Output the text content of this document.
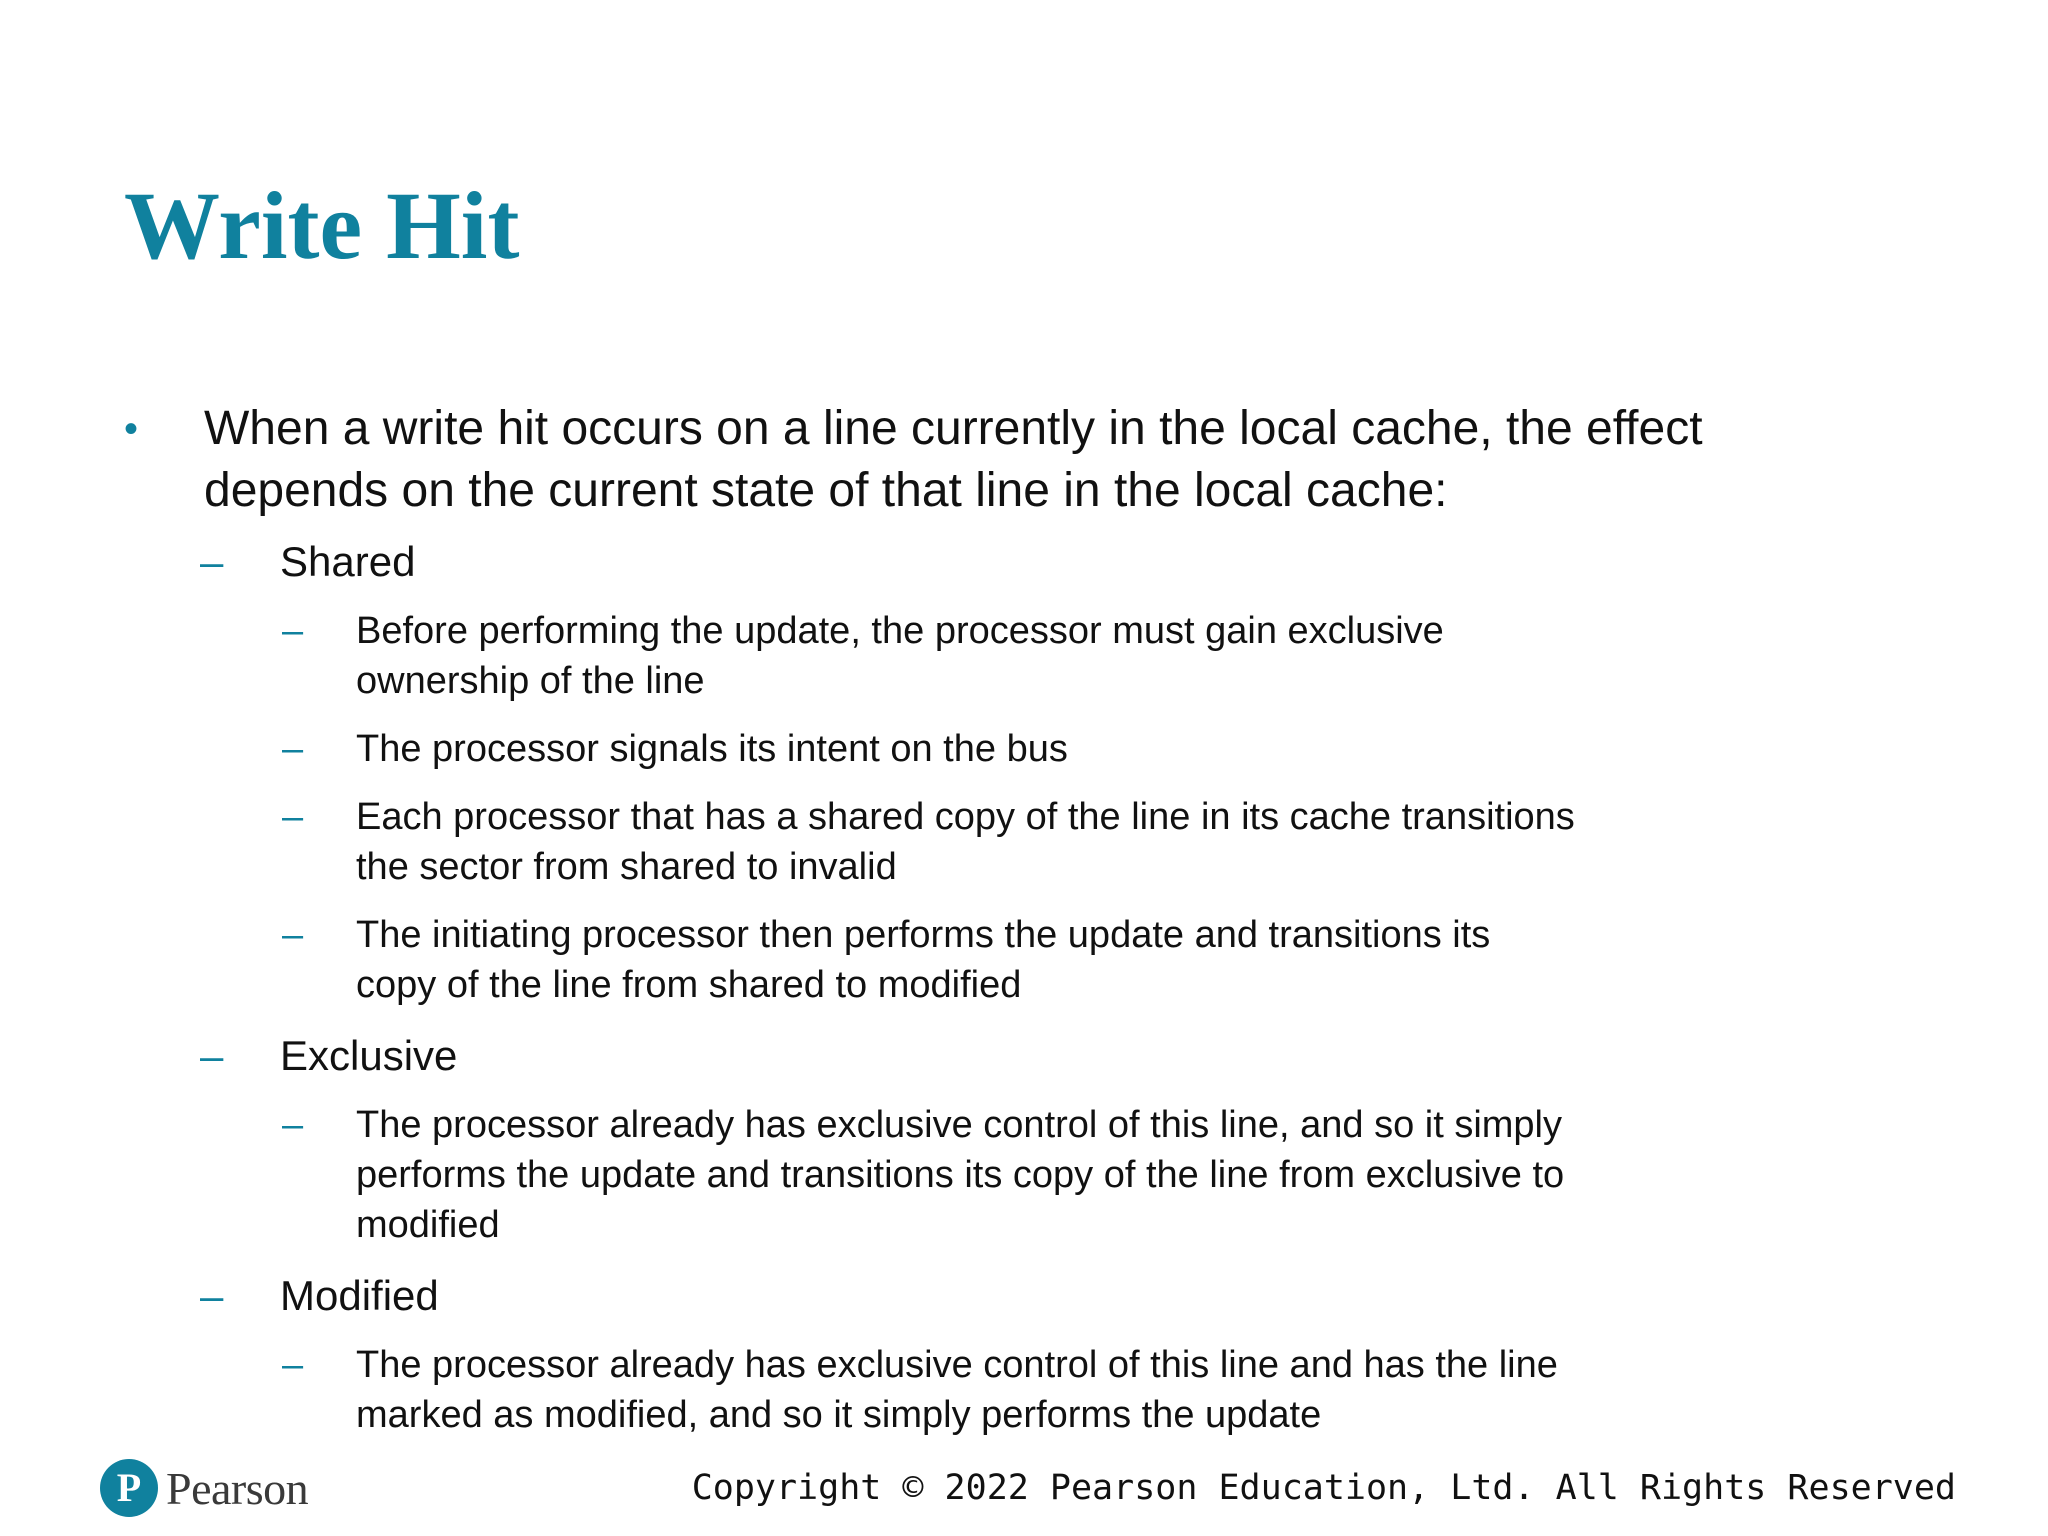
Write Hit
• When a write hit occurs on a line currently in the local cache, the effect depends on the current state of that line in the local cache:
– Shared
– Before performing the update, the processor must gain exclusive
ownership of the line
– The processor signals its intent on the bus
– Each processor that has a shared copy of the line in its cache transitions
the sector from shared to invalid
– The initiating processor then performs the update and transitions its
copy of the line from shared to modified
– Exclusive
– The processor already has exclusive control of this line, and so it simply
performs the update and transitions its copy of the line from exclusive to
modified
– Modified
– The processor already has exclusive control of this line and has the line
marked as modified, and so it simply performs the update
P Pearson	Copyright © 2022 Pearson Education, Ltd. All Rights Reserved
